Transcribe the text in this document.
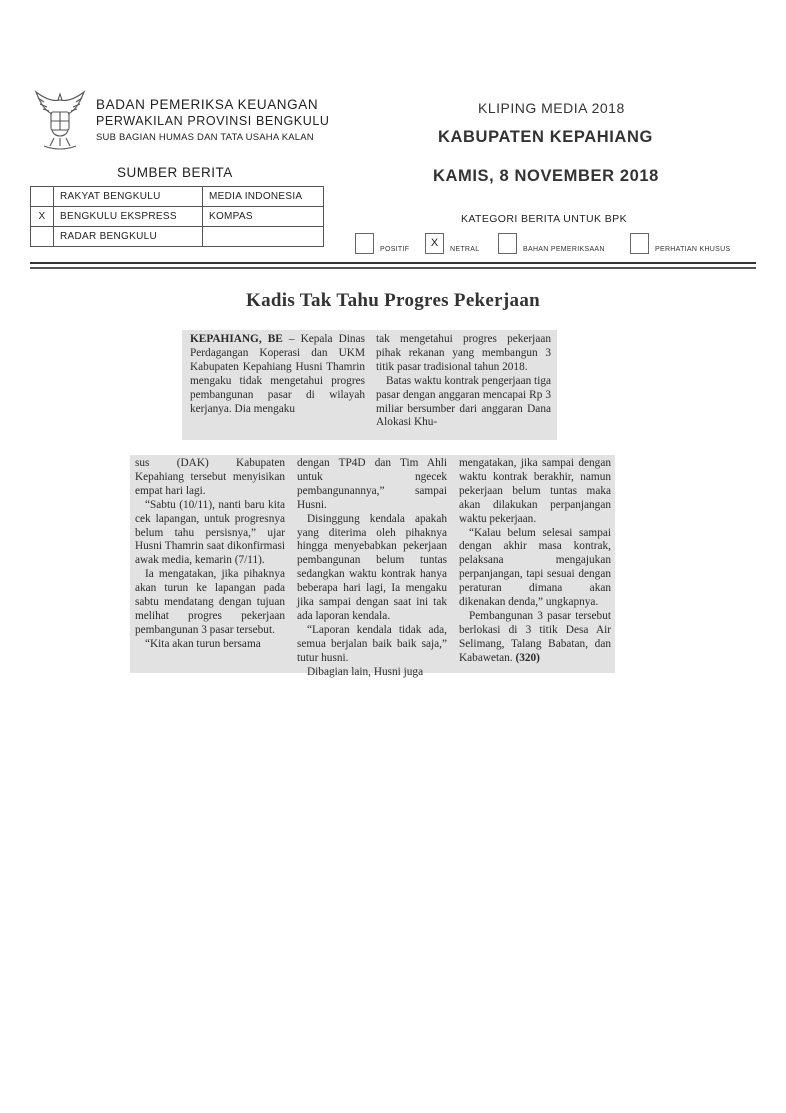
BADAN PEMERIKSA KEUANGAN
PERWAKILAN PROVINSI BENGKULU
SUB BAGIAN HUMAS DAN TATA USAHA KALAN
KLIPING MEDIA 2018
KABUPATEN KEPAHIANG
KAMIS, 8 NOVEMBER 2018
SUMBER BERITA
	RAKYAT BENGKULU	MEDIA INDONESIA
X	BENGKULU EKSPRESS	KOMPAS
	RADAR BENGKULU	
KATEGORI BERITA UNTUK BPK
POSITIF
X
NETRAL	BAHAN PEMERIKSAAN	PERHATIAN KHUSUS
Kadis Tak Tahu Progres Pekerjaan

KEPAHIANG, BE – Kepala Dinas Perdagangan Koperasi dan UKM Kabupaten Kepahiang Husni Thamrin mengaku tidak mengetahui progres pembangunan pasar di wilayah kerjanya. Dia mengaku

tak mengetahui progres pekerjaan pihak rekanan yang membangun 3 titik pasar tradisional tahun 2018.

Batas waktu kontrak pengerjaan tiga pasar dengan anggaran mencapai Rp 3 miliar bersumber dari anggaran Dana Alokasi Khu-

sus (DAK) Kabupaten Kepahiang tersebut menyisikan empat hari lagi.

“Sabtu (10/11), nanti baru kita cek lapangan, untuk progresnya belum tahu persisnya,” ujar Husni Thamrin saat dikonfirmasi awak media, kemarin (7/11).

Ia mengatakan, jika pihaknya akan turun ke lapangan pada sabtu mendatang dengan tujuan melihat progres pekerjaan pembangunan 3 pasar tersebut.

“Kita akan turun bersama

dengan TP4D dan Tim Ahli untuk ngecek pembangunannya,” sampai Husni.

Disinggung kendala apakah yang diterima oleh pihaknya hingga menyebabkan pekerjaan pembangunan belum tuntas sedangkan waktu kontrak hanya beberapa hari lagi, Ia mengaku jika sampai dengan saat ini tak ada laporan kendala.

“Laporan kendala tidak ada, semua berjalan baik baik saja,” tutur husni.

Dibagian lain, Husni juga

mengatakan, jika sampai dengan waktu kontrak berakhir, namun pekerjaan belum tuntas maka akan dilakukan perpanjangan waktu pekerjaan.

“Kalau belum selesai sampai dengan akhir masa kontrak, pelaksana mengajukan perpanjangan, tapi sesuai dengan peraturan dimana akan dikenakan denda,” ungkapnya.

Pembangunan 3 pasar tersebut berlokasi di 3 titik Desa Air Selimang, Talang Babatan, dan Kabawetan. (320)
